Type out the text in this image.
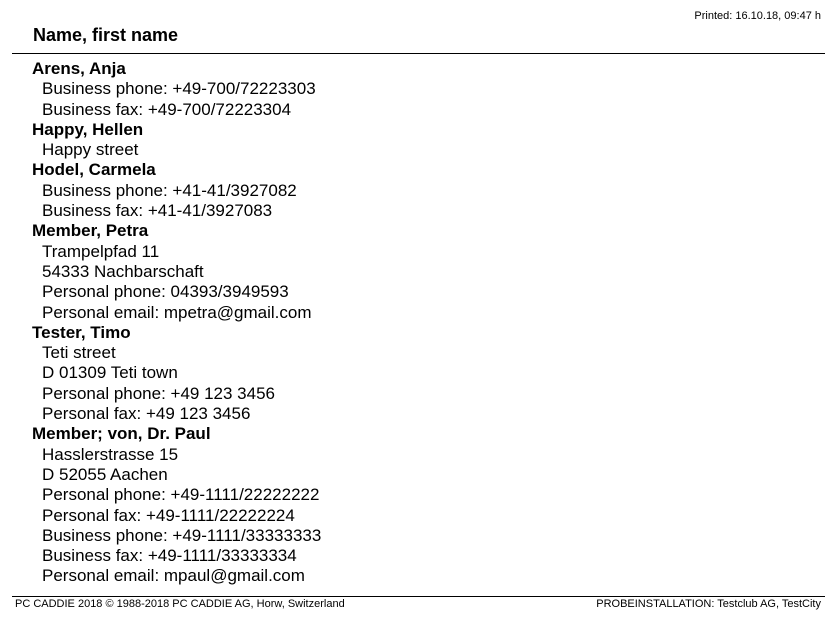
Printed: 16.10.18, 09:47 h
Name, first name
Arens, Anja
Business phone: +49-700/72223303
Business fax: +49-700/72223304
Happy, Hellen
Happy street
Hodel, Carmela
Business phone: +41-41/3927082
Business fax: +41-41/3927083
Member, Petra
Trampelpfad 11
54333 Nachbarschaft
Personal phone: 04393/3949593
Personal email: mpetra@gmail.com
Tester, Timo
Teti street
D 01309 Teti town
Personal phone: +49 123 3456
Personal fax: +49 123 3456
Member; von, Dr. Paul
Hasslerstrasse 15
D 52055 Aachen
Personal phone: +49-1111/22222222
Personal fax: +49-1111/22222224
Business phone: +49-1111/33333333
Business fax: +49-1111/33333334
Personal email: mpaul@gmail.com
PC CADDIE 2018 © 1988-2018 PC CADDIE AG, Horw, Switzerland	PROBEINSTALLATION: Testclub AG, TestCity
